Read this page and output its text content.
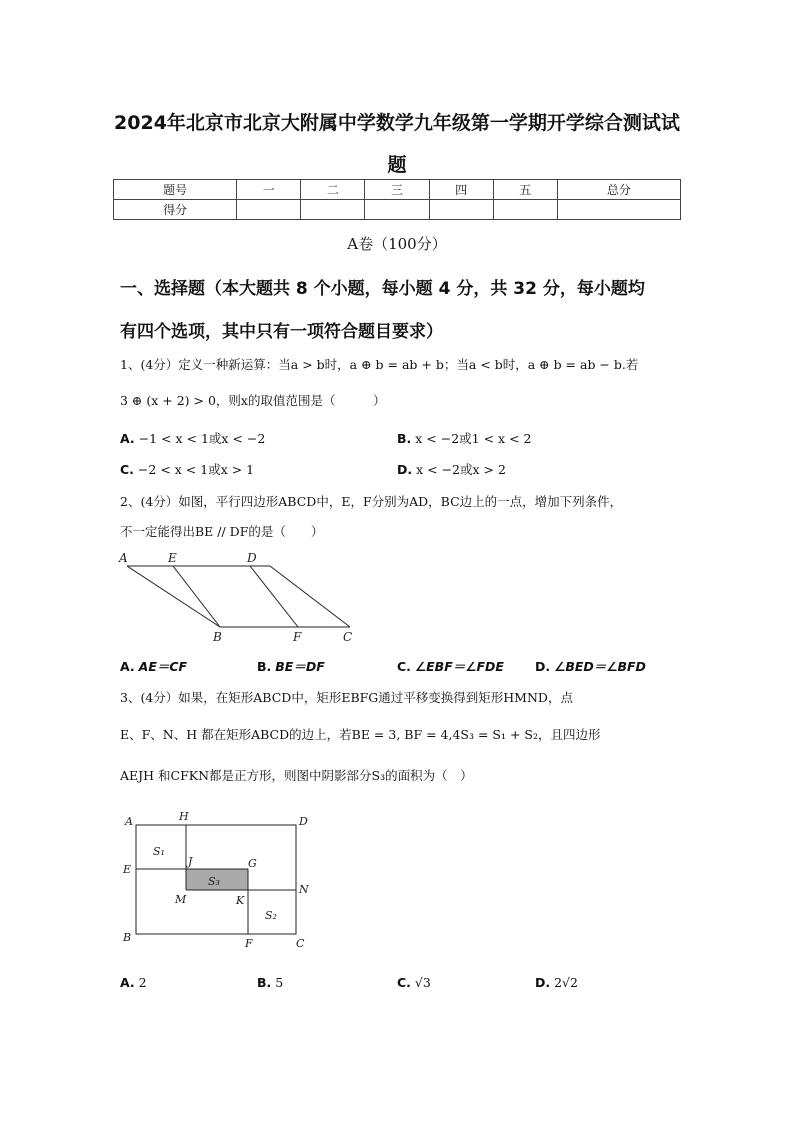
2024年北京市北京大附属中学数学九年级第一学期开学综合测试试
题
题号	一	二	三	四	五	总分
得分						
A卷（100分）
一、选择题（本大题共 8 个小题，每小题 4 分，共 32 分，每小题均
有四个选项，其中只有一项符合题目要求）
1、(4分）定义一种新运算：当a > b时，a ⊕ b = ab + b；当a < b时，a ⊕ b = ab − b.若
3 ⊕ (x + 2) > 0，则x的取值范围是（　　　）
A. −1 < x < 1或x < −2	B. x < −2或1 < x < 2
C. −2 < x < 1或x > 1	D. x < −2或x > 2
2、(4分）如图，平行四边形ABCD中，E，F分别为AD，BC边上的一点，增加下列条件，
不一定能得出BE // DF的是（　　）
A	E	D
B	F	C
A. AE＝CF	B. BE＝DF	C. ∠EBF＝∠FDE D. ∠BED＝∠BFD
3、(4分）如果，在矩形ABCD中，矩形EBFG通过平移变换得到矩形HMND，点
E、F、N、H 都在矩形ABCD的边上，若BE = 3, BF = 4,4S₃ = S₁ + S₂，且四边形
AEJH 和CFKN都是正方形，则图中阴影部分S₃的面积为（　）
A	H	D
S₁
J	G
E
S₃
N
M	K
S₂
B	F	C
A. 2	B. 5	C. √3	D. 2√2
